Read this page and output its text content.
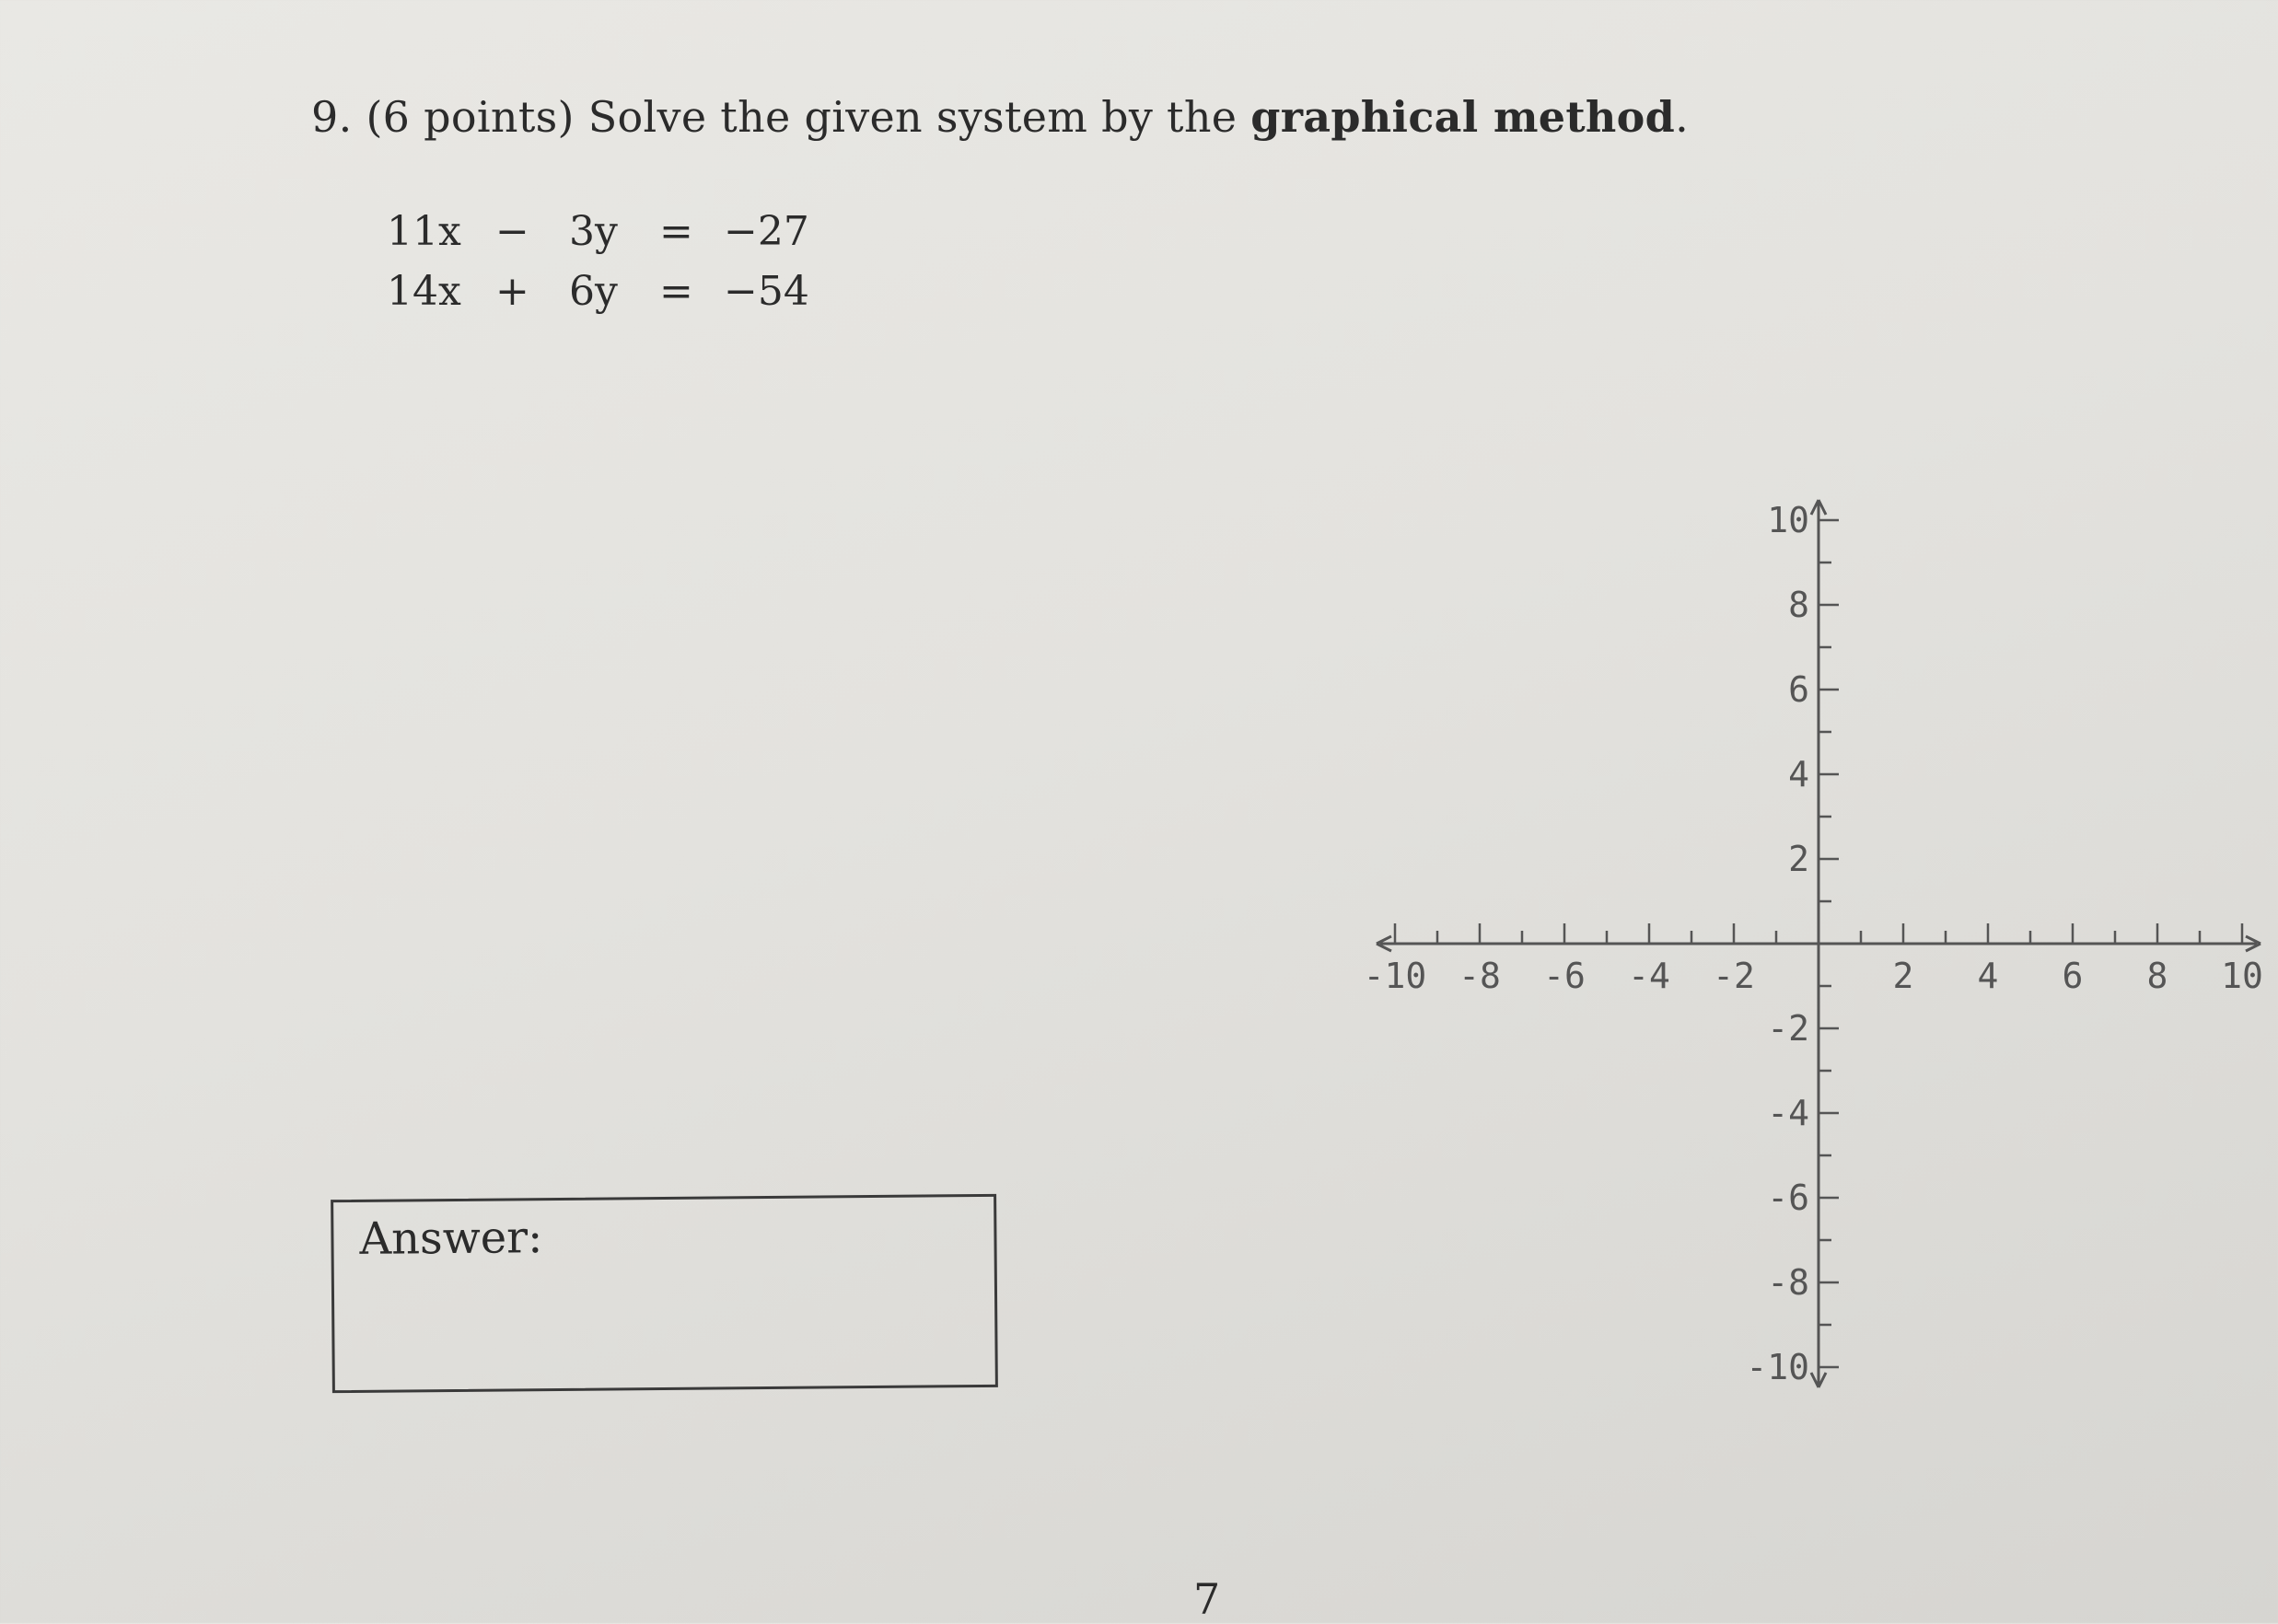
9. (6 points) Solve the given system by the graphical method.
11x	−	3y	=	−27
14x	+	6y	=	−54
Answer:
-10 -8 -6 -4 -2	2 4 6 8 10
10
8
6
4
2
-2
-4
-6
-8
-10
7
